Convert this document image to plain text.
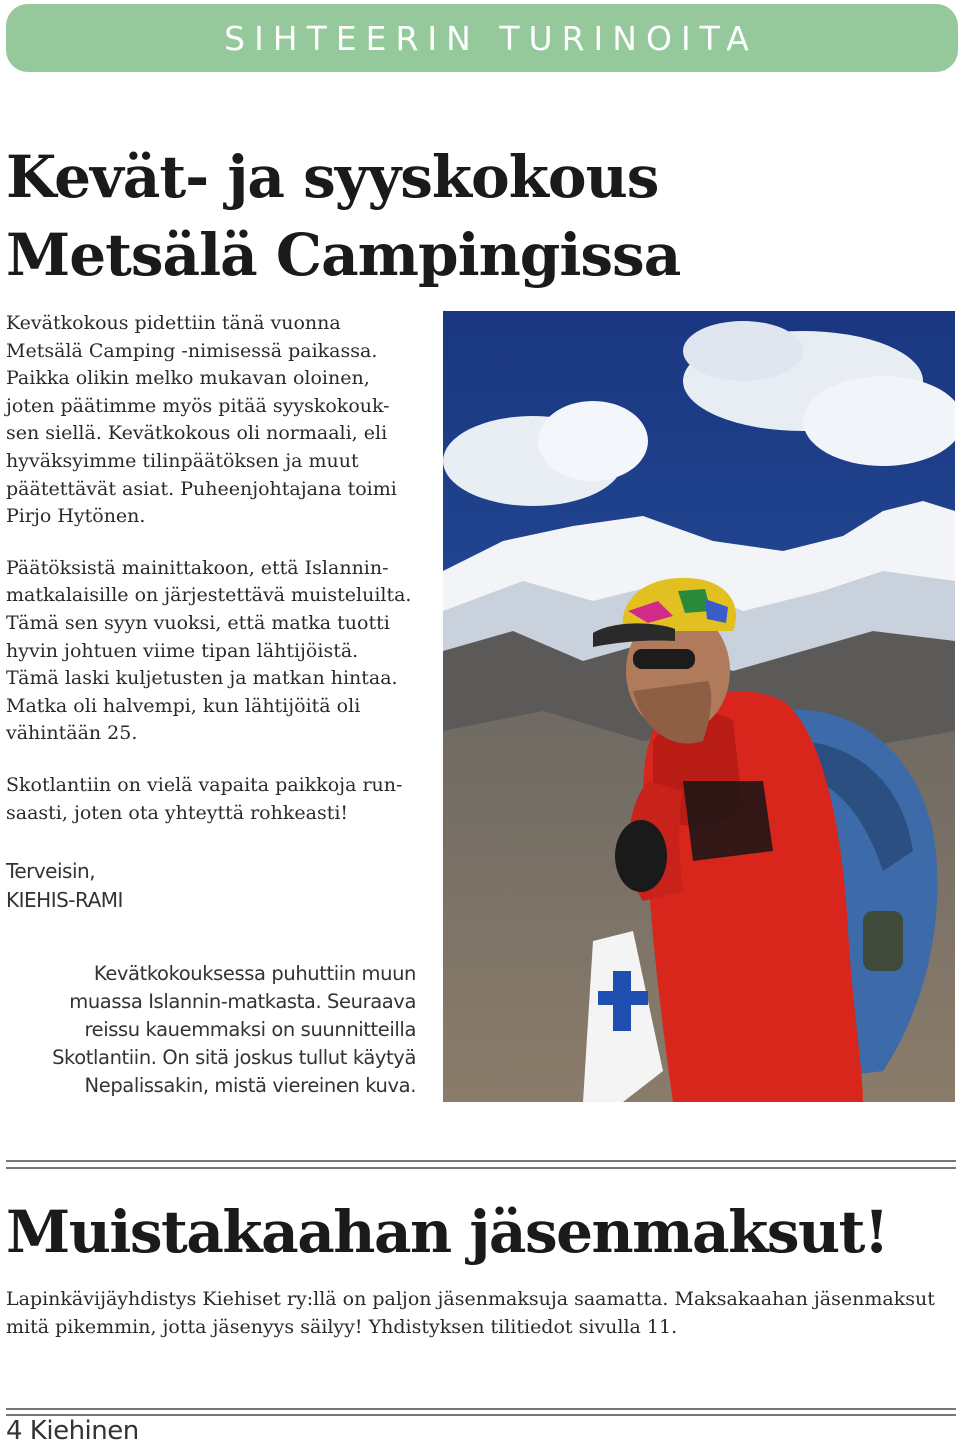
SIHTEERIN TURINOITA
Kevät- ja syyskokous
Metsälä Campingissa

Kevätkokous pidettiin tänä vuonna
Metsälä Camping -nimisessä paikassa.
Paikka olikin melko mukavan oloinen,
joten päätimme myös pitää syyskokouk-
sen siellä. Kevätkokous oli normaali, eli
hyväksyimme tilinpäätöksen ja muut
päätettävät asiat. Puheenjohtajana toimi
Pirjo Hytönen.

Päätöksistä mainittakoon, että Islannin-
matkalaisille on järjestettävä muisteluilta.
Tämä sen syyn vuoksi, että matka tuotti
hyvin johtuen viime tipan lähtijöistä.
Tämä laski kuljetusten ja matkan hintaa.
Matka oli halvempi, kun lähtijöitä oli
vähintään 25.

Skotlantiin on vielä vapaita paikkoja run-
saasti, joten ota yhteyttä rohkeasti!

Terveisin,
KIEHIS-RAMI
Kevätkokouksessa puhuttiin muun
muassa Islannin-matkasta. Seuraava
reissu kauemmaksi on suunnitteilla
Skotlantiin. On sitä joskus tullut käytyä
Nepalissakin, mistä viereinen kuva.
Muistakaahan jäsenmaksut!

Lapinkävijäyhdistys Kiehiset ry:llä on paljon jäsenmaksuja saamatta. Maksakaahan jäsenmaksut
mitä pikemmin, jotta jäsenyys säilyy! Yhdistyksen tilitiedot sivulla 11.

4 Kiehinen
